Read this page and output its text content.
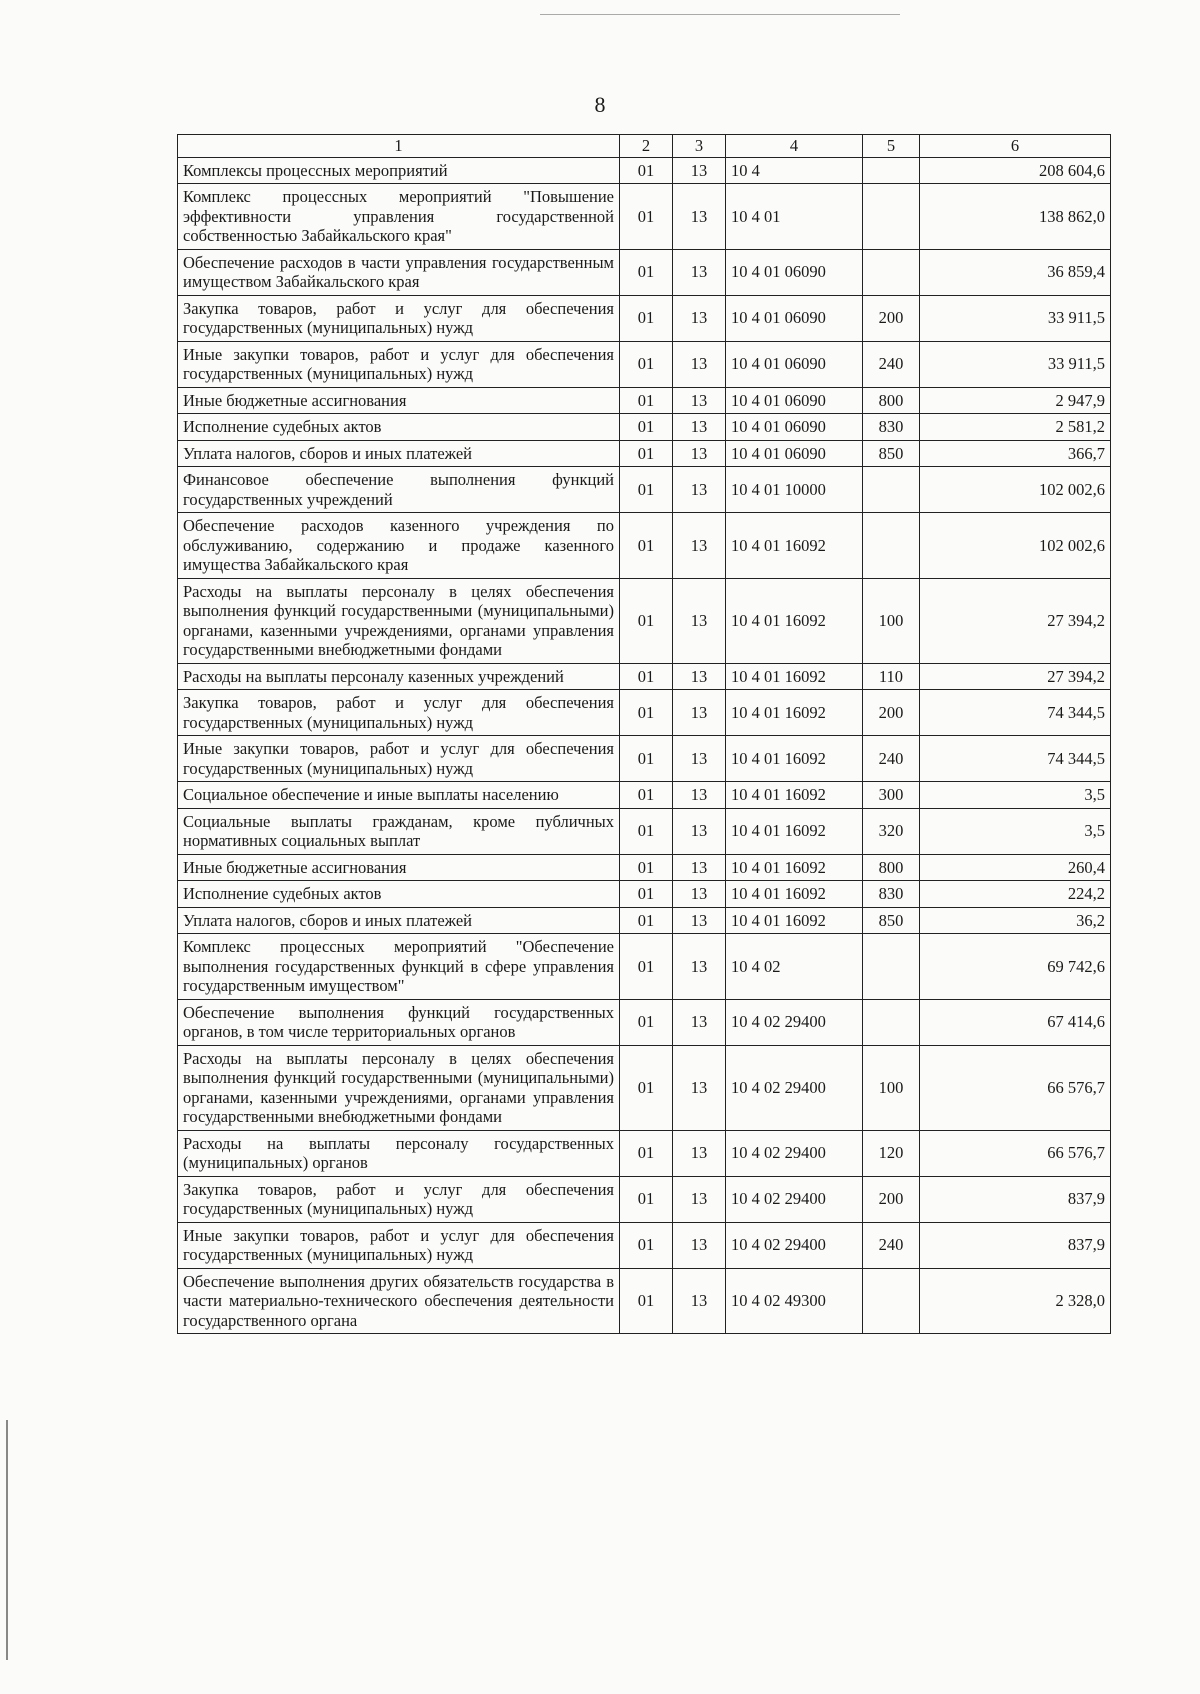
8
1	2	3	4	5	6
Комплексы процессных мероприятий	01	13	10 4		208 604,6
Комплекс процессных мероприятий "Повышение эффективности управления государственной собственностью Забайкальского края"	01	13	10 4 01		138 862,0
Обеспечение расходов в части управления государственным имуществом Забайкальского края	01	13	10 4 01 06090		36 859,4
Закупка товаров, работ и услуг для обеспечения государственных (муниципальных) нужд	01	13	10 4 01 06090	200	33 911,5
Иные закупки товаров, работ и услуг для обеспечения государственных (муниципальных) нужд	01	13	10 4 01 06090	240	33 911,5
Иные бюджетные ассигнования	01	13	10 4 01 06090	800	2 947,9
Исполнение судебных актов	01	13	10 4 01 06090	830	2 581,2
Уплата налогов, сборов и иных платежей	01	13	10 4 01 06090	850	366,7
Финансовое обеспечение выполнения функций государственных учреждений	01	13	10 4 01 10000		102 002,6
Обеспечение расходов казенного учреждения по обслуживанию, содержанию и продаже казенного имущества Забайкальского края	01	13	10 4 01 16092		102 002,6
Расходы на выплаты персоналу в целях обеспечения выполнения функций государственными (муниципальными) органами, казенными учреждениями, органами управления государственными внебюджетными фондами	01	13	10 4 01 16092	100	27 394,2
Расходы на выплаты персоналу казенных учреждений	01	13	10 4 01 16092	110	27 394,2
Закупка товаров, работ и услуг для обеспечения государственных (муниципальных) нужд	01	13	10 4 01 16092	200	74 344,5
Иные закупки товаров, работ и услуг для обеспечения государственных (муниципальных) нужд	01	13	10 4 01 16092	240	74 344,5
Социальное обеспечение и иные выплаты населению	01	13	10 4 01 16092	300	3,5
Социальные выплаты гражданам, кроме публичных нормативных социальных выплат	01	13	10 4 01 16092	320	3,5
Иные бюджетные ассигнования	01	13	10 4 01 16092	800	260,4
Исполнение судебных актов	01	13	10 4 01 16092	830	224,2
Уплата налогов, сборов и иных платежей	01	13	10 4 01 16092	850	36,2
Комплекс процессных мероприятий "Обеспечение выполнения государственных функций в сфере управления государственным имуществом"	01	13	10 4 02		69 742,6
Обеспечение выполнения функций государственных органов, в том числе территориальных органов	01	13	10 4 02 29400		67 414,6
Расходы на выплаты персоналу в целях обеспечения выполнения функций государственными (муниципальными) органами, казенными учреждениями, органами управления государственными внебюджетными фондами	01	13	10 4 02 29400	100	66 576,7
Расходы на выплаты персоналу государственных (муниципальных) органов	01	13	10 4 02 29400	120	66 576,7
Закупка товаров, работ и услуг для обеспечения государственных (муниципальных) нужд	01	13	10 4 02 29400	200	837,9
Иные закупки товаров, работ и услуг для обеспечения государственных (муниципальных) нужд	01	13	10 4 02 29400	240	837,9
Обеспечение выполнения других обязательств государства в части материально-технического обеспечения деятельности государственного органа	01	13	10 4 02 49300		2 328,0
